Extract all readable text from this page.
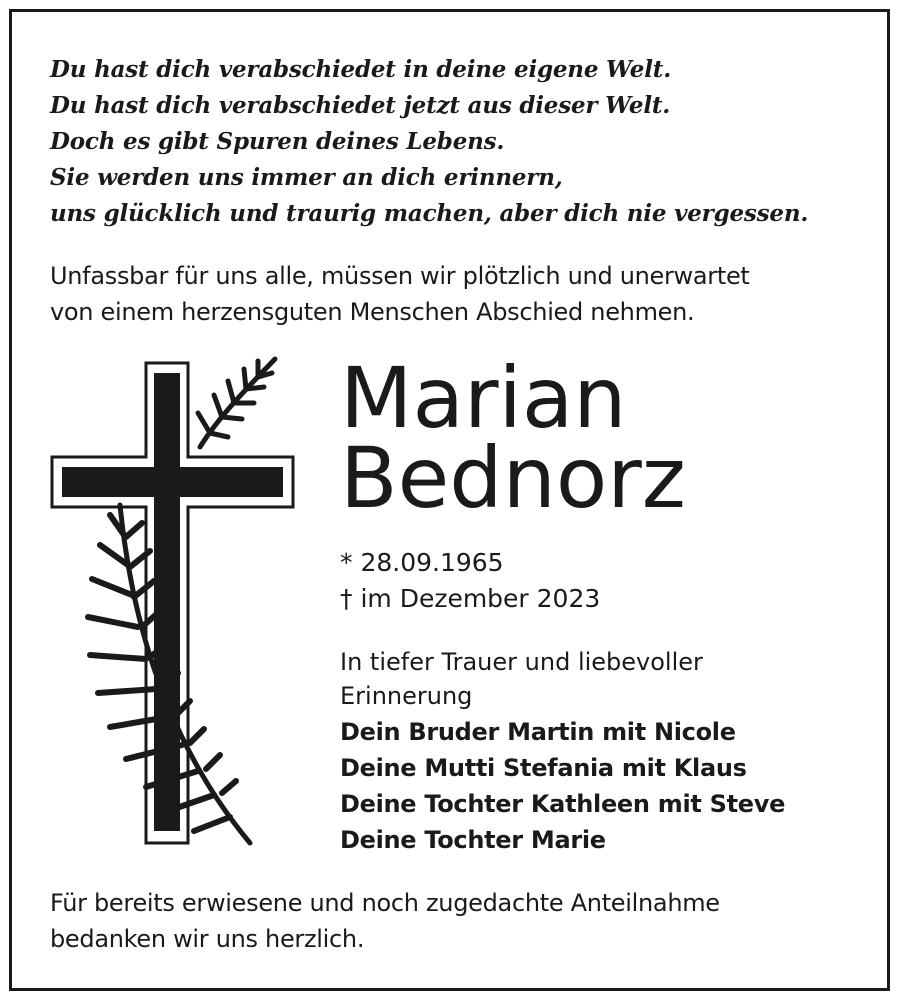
Du hast dich verabschiedet in deine eigene Welt.
Du hast dich verabschiedet jetzt aus dieser Welt.
Doch es gibt Spuren deines Lebens.
Sie werden uns immer an dich erinnern,
uns glücklich und traurig machen, aber dich nie vergessen.
Unfassbar für uns alle, müssen wir plötzlich und unerwartet
von einem herzensguten Menschen Abschied nehmen.
Marian
Bednorz
* 28.09.1965
† im Dezember 2023
In tiefer Trauer und liebevoller
Erinnerung
Dein Bruder Martin mit Nicole
Deine Mutti Stefania mit Klaus
Deine Tochter Kathleen mit Steve
Deine Tochter Marie
Für bereits erwiesene und noch zugedachte Anteilnahme
bedanken wir uns herzlich.
